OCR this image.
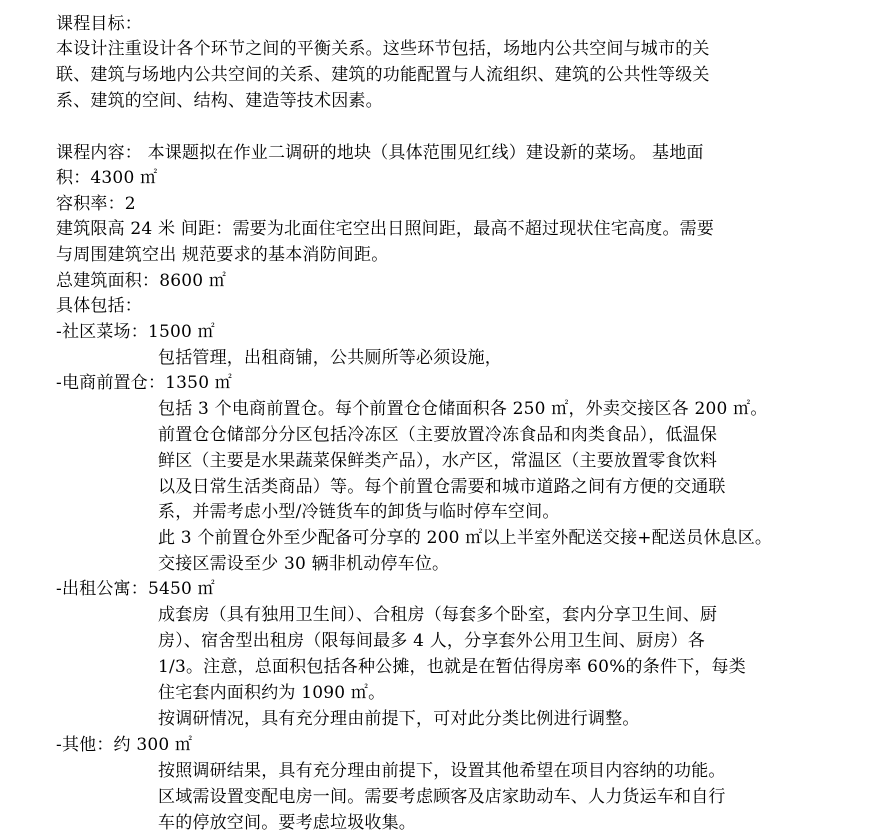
课程目标：
本设计注重设计各个环节之间的平衡关系。这些环节包括，场地内公共空间与城市的关
联、建筑与场地内公共空间的关系、建筑的功能配置与人流组织、建筑的公共性等级关
系、建筑的空间、结构、建造等技术因素。
课程内容： 本课题拟在作业二调研的地块（具体范围见红线）建设新的菜场。 基地面
积：4300 ㎡
容积率：2
建筑限高 24 米 间距：需要为北面住宅空出日照间距，最高不超过现状住宅高度。需要
与周围建筑空出 规范要求的基本消防间距。
总建筑面积：8600 ㎡
具体包括：
-社区菜场：1500 ㎡
包括管理，出租商铺，公共厕所等必须设施，
-电商前置仓：1350 ㎡
包括 3 个电商前置仓。每个前置仓仓储面积各 250 ㎡，外卖交接区各 200 ㎡。
前置仓仓储部分分区包括冷冻区（主要放置冷冻食品和肉类食品），低温保
鲜区（主要是水果蔬菜保鲜类产品），水产区，常温区（主要放置零食饮料
以及日常生活类商品）等。每个前置仓需要和城市道路之间有方便的交通联
系，并需考虑小型/冷链货车的卸货与临时停车空间。
此 3 个前置仓外至少配备可分享的 200 ㎡以上半室外配送交接+配送员休息区。
交接区需设至少 30 辆非机动停车位。
-出租公寓：5450 ㎡
成套房（具有独用卫生间）、合租房（每套多个卧室，套内分享卫生间、厨
房）、宿舍型出租房（限每间最多 4 人，分享套外公用卫生间、厨房）各
1/3。注意，总面积包括各种公摊，也就是在暂估得房率 60%的条件下，每类
住宅套内面积约为 1090 ㎡。
按调研情况，具有充分理由前提下，可对此分类比例进行调整。
-其他：约 300 ㎡
按照调研结果，具有充分理由前提下，设置其他希望在项目内容纳的功能。
区域需设置变配电房一间。需要考虑顾客及店家助动车、人力货运车和自行
车的停放空间。要考虑垃圾收集。
